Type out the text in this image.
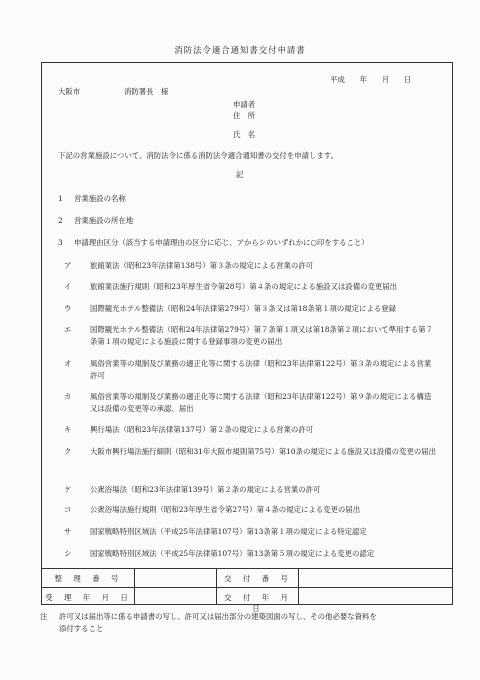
消防法令適合通知書交付申請書
平成　　年　　月　　日
大阪市	消防署長　様
申請者
住　所
氏　名
下記の営業施設について、消防法令に係る消防法令適合通知書の交付を申請します。
記
1 営業施設の名称
2 営業施設の所在地
3 申請理由区分（該当する申請理由の区分に応じ、アからシのいずれかに○印をすること）
ア	旅館業法（昭和23年法律第138号）第３条の規定による営業の許可
イ	旅館業法施行規則（昭和23年厚生省令第28号）第４条の規定による施設又は設備の変更届出
ウ	国際観光ホテル整備法（昭和24年法律第279号）第３条又は第18条第１項の規定による登録
エ	国際観光ホテル整備法（昭和24年法律第279号）第７条第１項又は第18条第２項において準用する第７条第１項の規定による施設に関する登録事項の変更の届出
オ	風俗営業等の規制及び業務の適正化等に関する法律（昭和23年法律第122号）第３条の規定による営業許可
カ	風俗営業等の規制及び業務の適正化等に関する法律（昭和23年法律第122号）第９条の規定による構造又は設備の変更等の承認、届出
キ	興行場法（昭和23年法律第137号）第２条の規定による営業の許可
ク	大阪市興行場法施行細則（昭和31年大阪市規則第75号）第10条の規定による施設又は設備の変更の届出
ケ	公衆浴場法（昭和23年法律第139号）第２条の規定による営業の許可
コ	公衆浴場法施行規則（昭和23年厚生省令第27号）第４条の規定による変更の届出
サ	国家戦略特別区域法（平成25年法律第107号）第13条第１項の規定による特定認定
シ	国家戦略特別区域法（平成25年法律第107号）第13条第５項の規定による変更の認定
整　理　番　号	交　付　番　号
受　理　年　月　日	交　付　年　月　日
注 許可又は届出等に係る申請書の写し、許可又は届出部分の建築図面の写し、その他必要な資料を
添付すること
